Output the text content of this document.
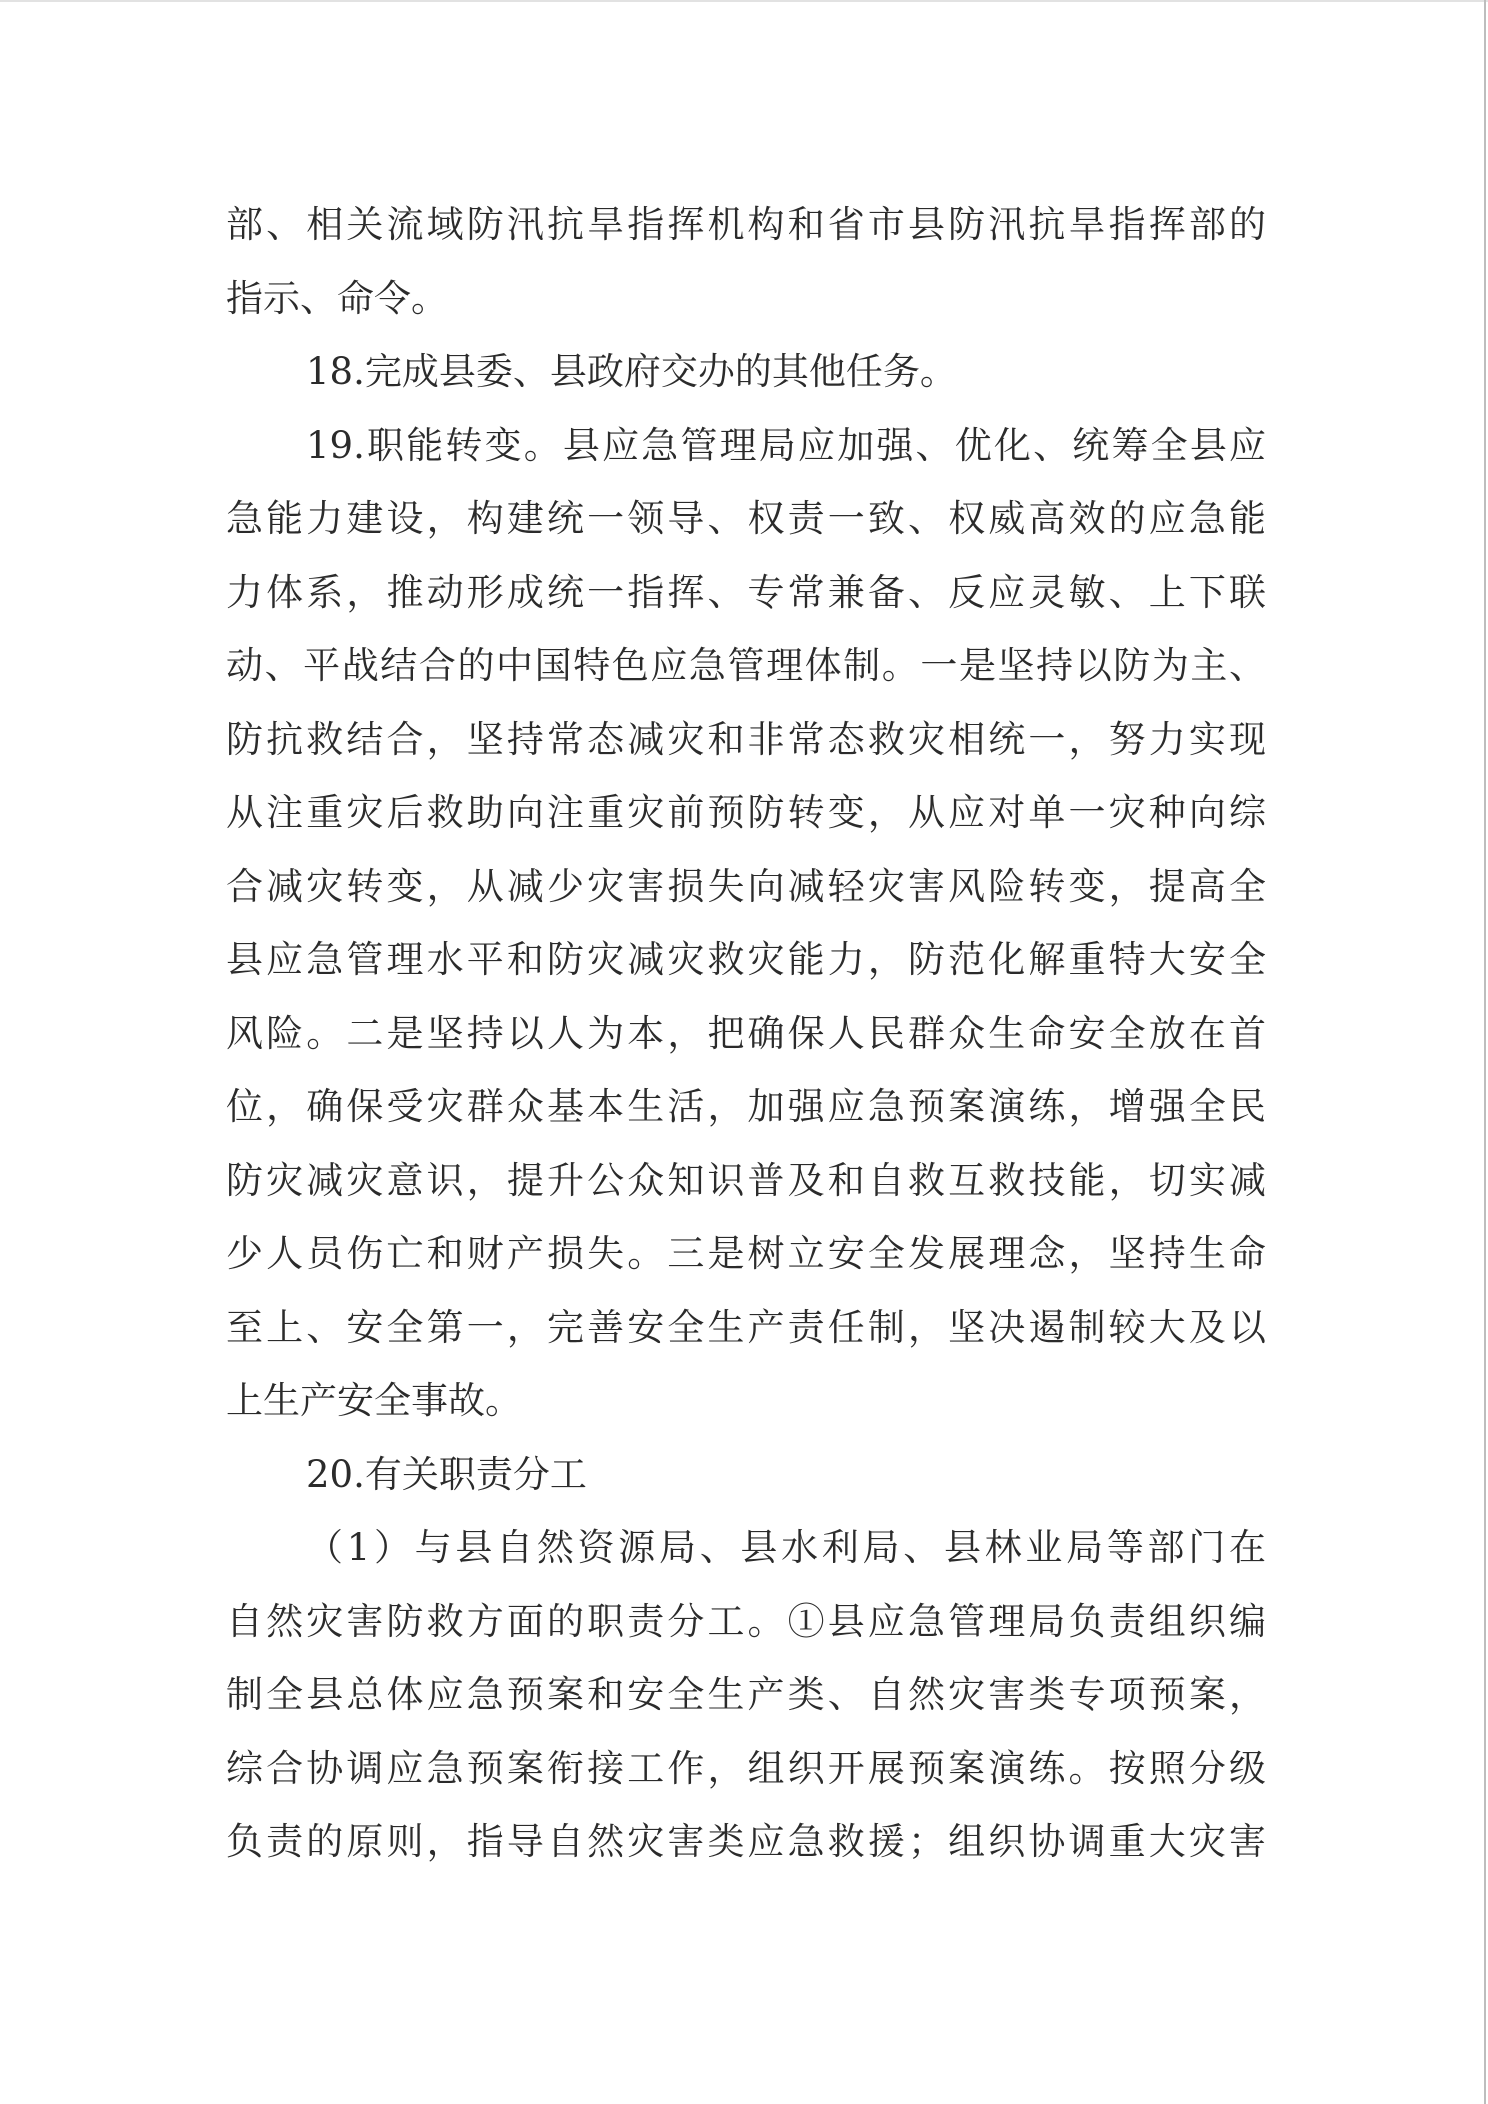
部、相关流域防汛抗旱指挥机构和省市县防汛抗旱指挥部的
指示、命令。
18.完成县委、县政府交办的其他任务。
19.职能转变。县应急管理局应加强、优化、统筹全县应
急能力建设，构建统一领导、权责一致、权威高效的应急能
力体系，推动形成统一指挥、专常兼备、反应灵敏、上下联
动、平战结合的中国特色应急管理体制。一是坚持以防为主、
防抗救结合，坚持常态减灾和非常态救灾相统一，努力实现
从注重灾后救助向注重灾前预防转变，从应对单一灾种向综
合减灾转变，从减少灾害损失向减轻灾害风险转变，提高全
县应急管理水平和防灾减灾救灾能力，防范化解重特大安全
风险。二是坚持以人为本，把确保人民群众生命安全放在首
位，确保受灾群众基本生活，加强应急预案演练，增强全民
防灾减灾意识，提升公众知识普及和自救互救技能，切实减
少人员伤亡和财产损失。三是树立安全发展理念，坚持生命
至上、安全第一，完善安全生产责任制，坚决遏制较大及以
上生产安全事故。
20.有关职责分工
（1）与县自然资源局、县水利局、县林业局等部门在
自然灾害防救方面的职责分工。①县应急管理局负责组织编
制全县总体应急预案和安全生产类、自然灾害类专项预案，
综合协调应急预案衔接工作，组织开展预案演练。按照分级
负责的原则，指导自然灾害类应急救援；组织协调重大灾害
